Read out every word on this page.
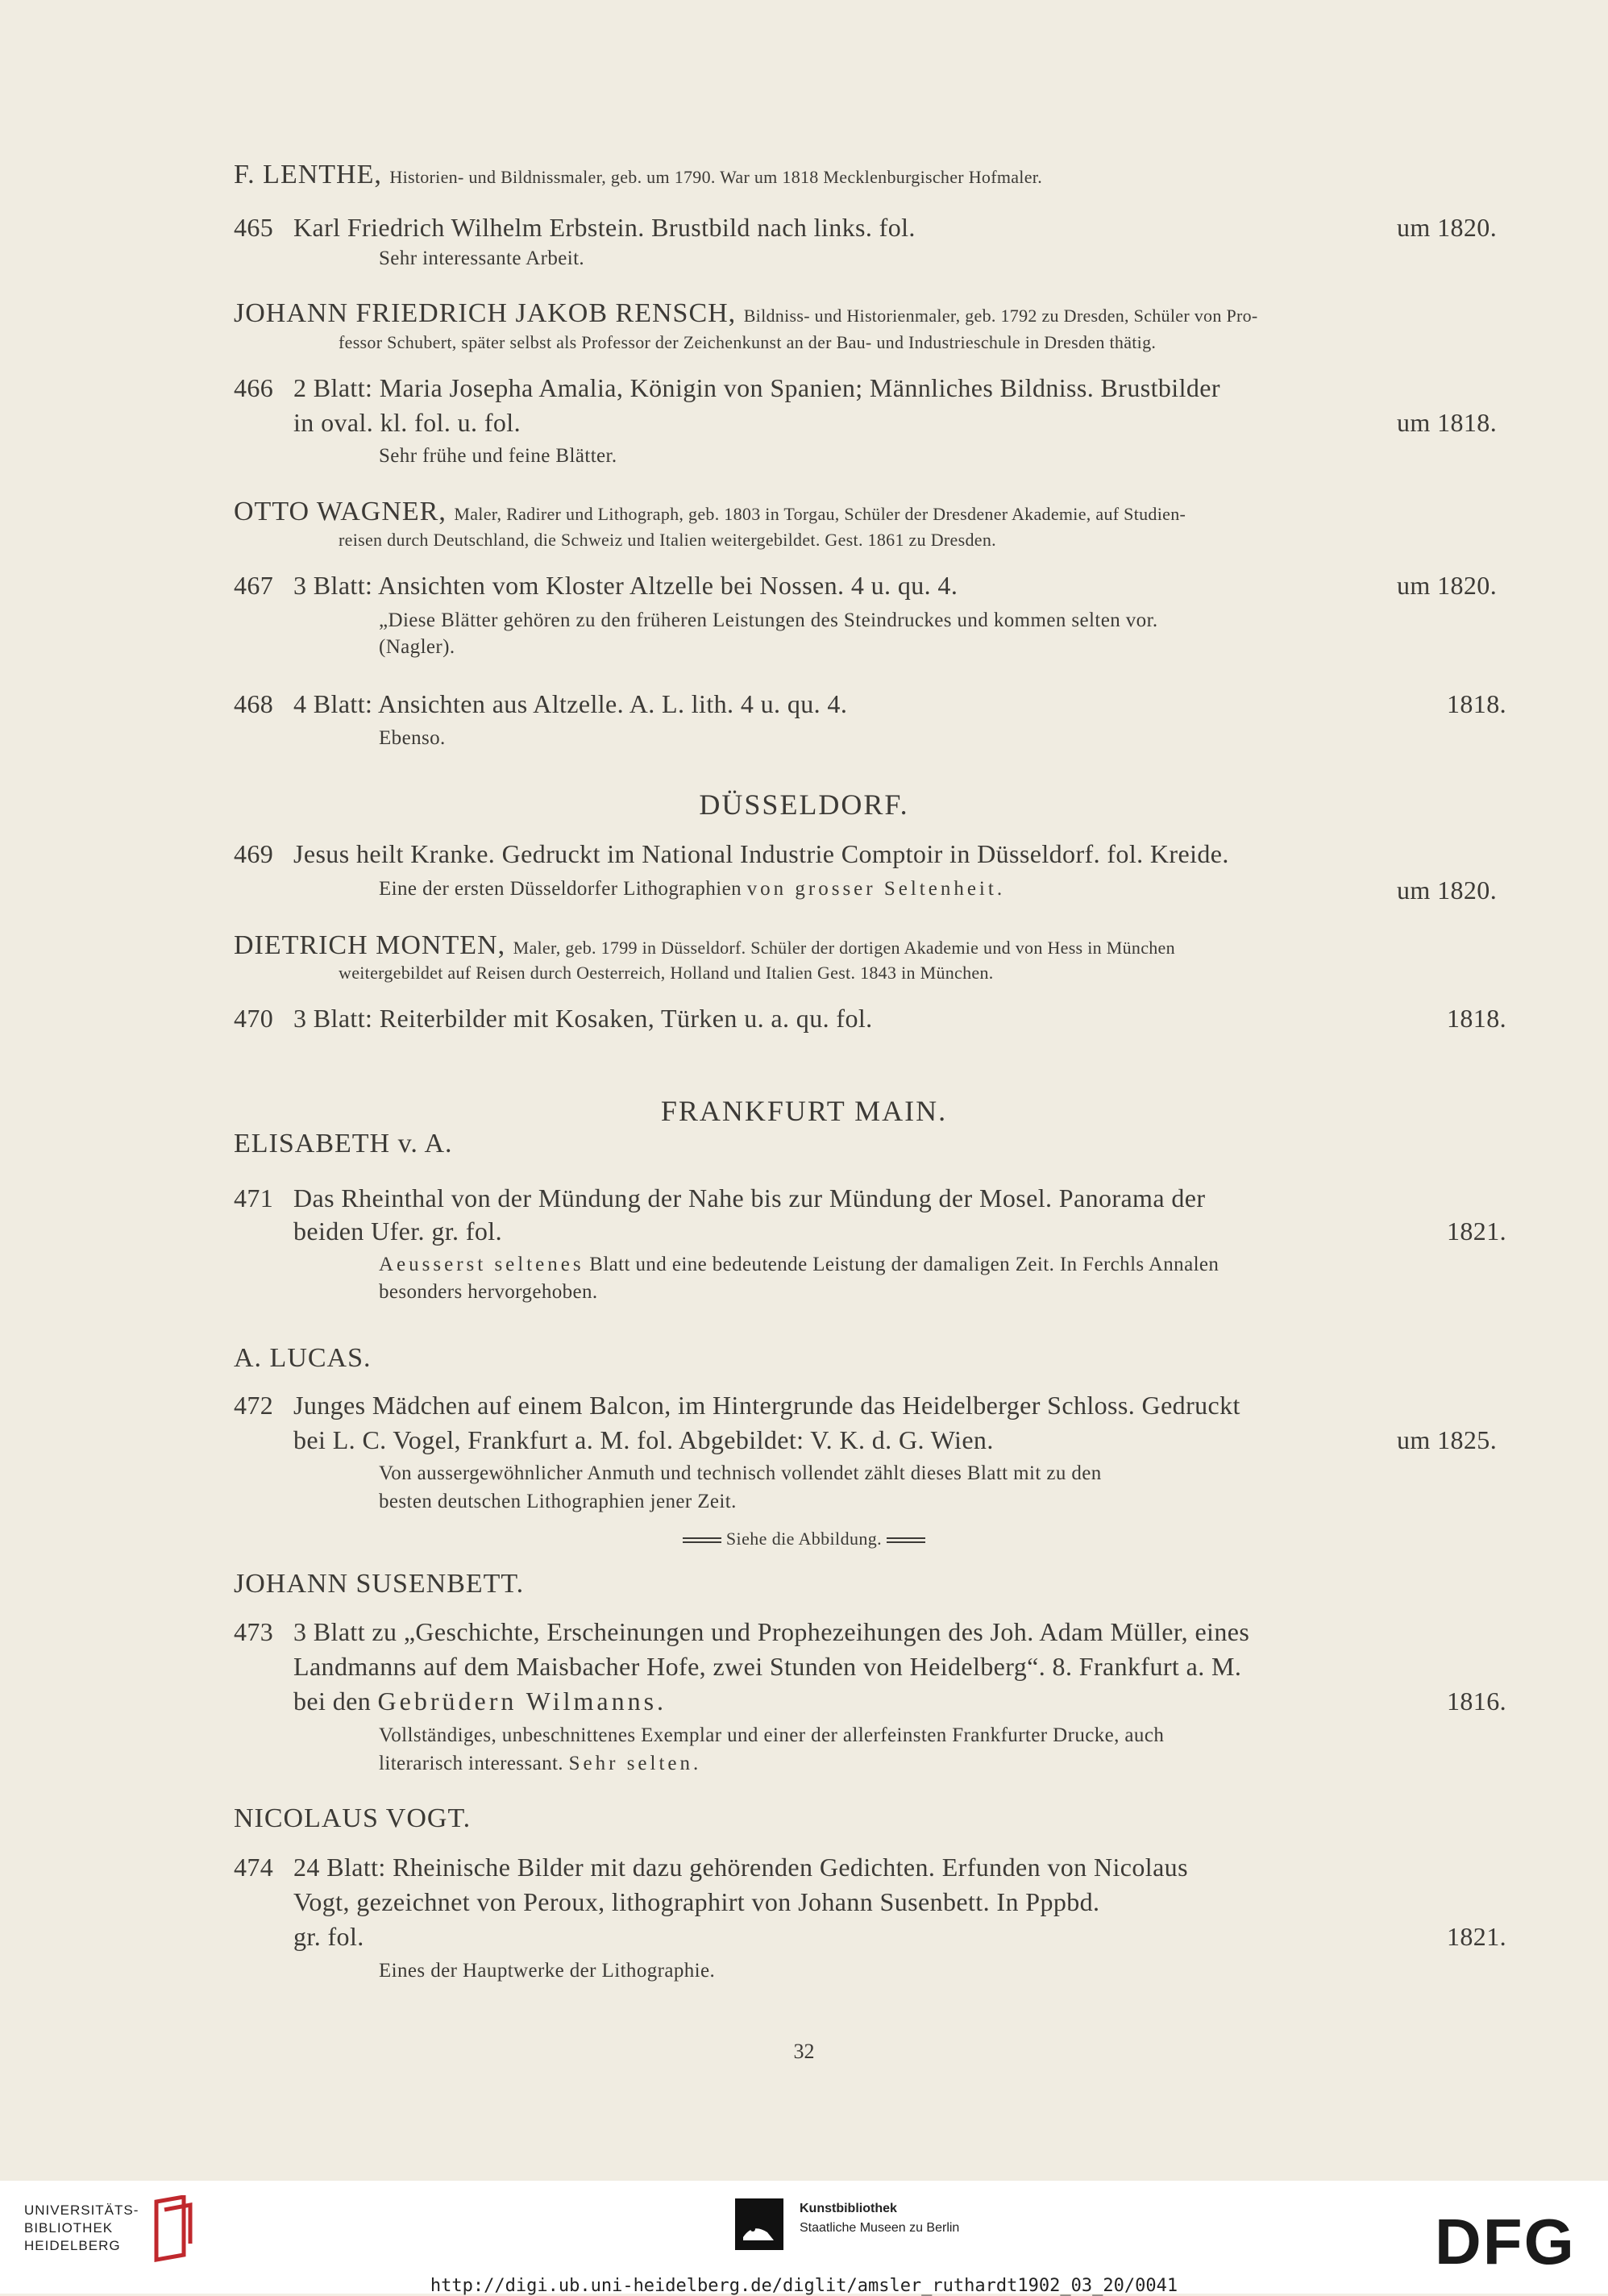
F. LENTHE, Historien- und Bildnissmaler, geb. um 1790. War um 1818 Mecklenburgischer Hofmaler.
465 Karl Friedrich Wilhelm Erbstein. Brustbild nach links. fol.	um 1820.
Sehr interessante Arbeit.
JOHANN FRIEDRICH JAKOB RENSCH, Bildniss- und Historienmaler, geb. 1792 zu Dresden, Schüler von Pro-
fessor Schubert, später selbst als Professor der Zeichenkunst an der Bau- und Industrieschule in Dresden thätig.
466 2 Blatt: Maria Josepha Amalia, Königin von Spanien; Männliches Bildniss. Brustbilder
in oval. kl. fol. u. fol.	um 1818.
Sehr frühe und feine Blätter.
OTTO WAGNER, Maler, Radirer und Lithograph, geb. 1803 in Torgau, Schüler der Dresdener Akademie, auf Studien-
reisen durch Deutschland, die Schweiz und Italien weitergebildet. Gest. 1861 zu Dresden.
467 3 Blatt: Ansichten vom Kloster Altzelle bei Nossen. 4 u. qu. 4.	um 1820.
„Diese Blätter gehören zu den früheren Leistungen des Steindruckes und kommen selten vor.
(Nagler).
468 4 Blatt: Ansichten aus Altzelle. A. L. lith. 4 u. qu. 4.	1818.
Ebenso.
DÜSSELDORF.
469 Jesus heilt Kranke. Gedruckt im National Industrie Comptoir in Düsseldorf. fol. Kreide.
Eine der ersten Düsseldorfer Lithographien von grosser Seltenheit.	um 1820.
DIETRICH MONTEN, Maler, geb. 1799 in Düsseldorf. Schüler der dortigen Akademie und von Hess in München
weitergebildet auf Reisen durch Oesterreich, Holland und Italien Gest. 1843 in München.
470 3 Blatt: Reiterbilder mit Kosaken, Türken u. a. qu. fol.	1818.
FRANKFURT MAIN.
ELISABETH v. A.
471 Das Rheinthal von der Mündung der Nahe bis zur Mündung der Mosel. Panorama der
beiden Ufer. gr. fol.	1821.
Aeusserst seltenes Blatt und eine bedeutende Leistung der damaligen Zeit. In Ferchls Annalen
besonders hervorgehoben.
A. LUCAS.
472 Junges Mädchen auf einem Balcon, im Hintergrunde das Heidelberger Schloss. Gedruckt
bei L. C. Vogel, Frankfurt a. M. fol. Abgebildet: V. K. d. G. Wien.	um 1825.
Von aussergewöhnlicher Anmuth und technisch vollendet zählt dieses Blatt mit zu den
besten deutschen Lithographien jener Zeit.
Siehe die Abbildung.
JOHANN SUSENBETT.
473 3 Blatt zu „Geschichte, Erscheinungen und Prophezeihungen des Joh. Adam Müller, eines
Landmanns auf dem Maisbacher Hofe, zwei Stunden von Heidelberg“. 8. Frankfurt a. M.
bei den Gebrüdern Wilmanns.	1816.
Vollständiges, unbeschnittenes Exemplar und einer der allerfeinsten Frankfurter Drucke, auch
literarisch interessant. Sehr selten.
NICOLAUS VOGT.
474 24 Blatt: Rheinische Bilder mit dazu gehörenden Gedichten. Erfunden von Nicolaus
Vogt, gezeichnet von Peroux, lithographirt von Johann Susenbett. In Pppbd.
gr. fol.	1821.
Eines der Hauptwerke der Lithographie.
32
UNIVERSITÄTS-
BIBLIOTHEK
HEIDELBERG
Kunstbibliothek
Staatliche Museen zu Berlin	DFG
http://digi.ub.uni-heidelberg.de/diglit/amsler_ruthardt1902_03_20/0041
